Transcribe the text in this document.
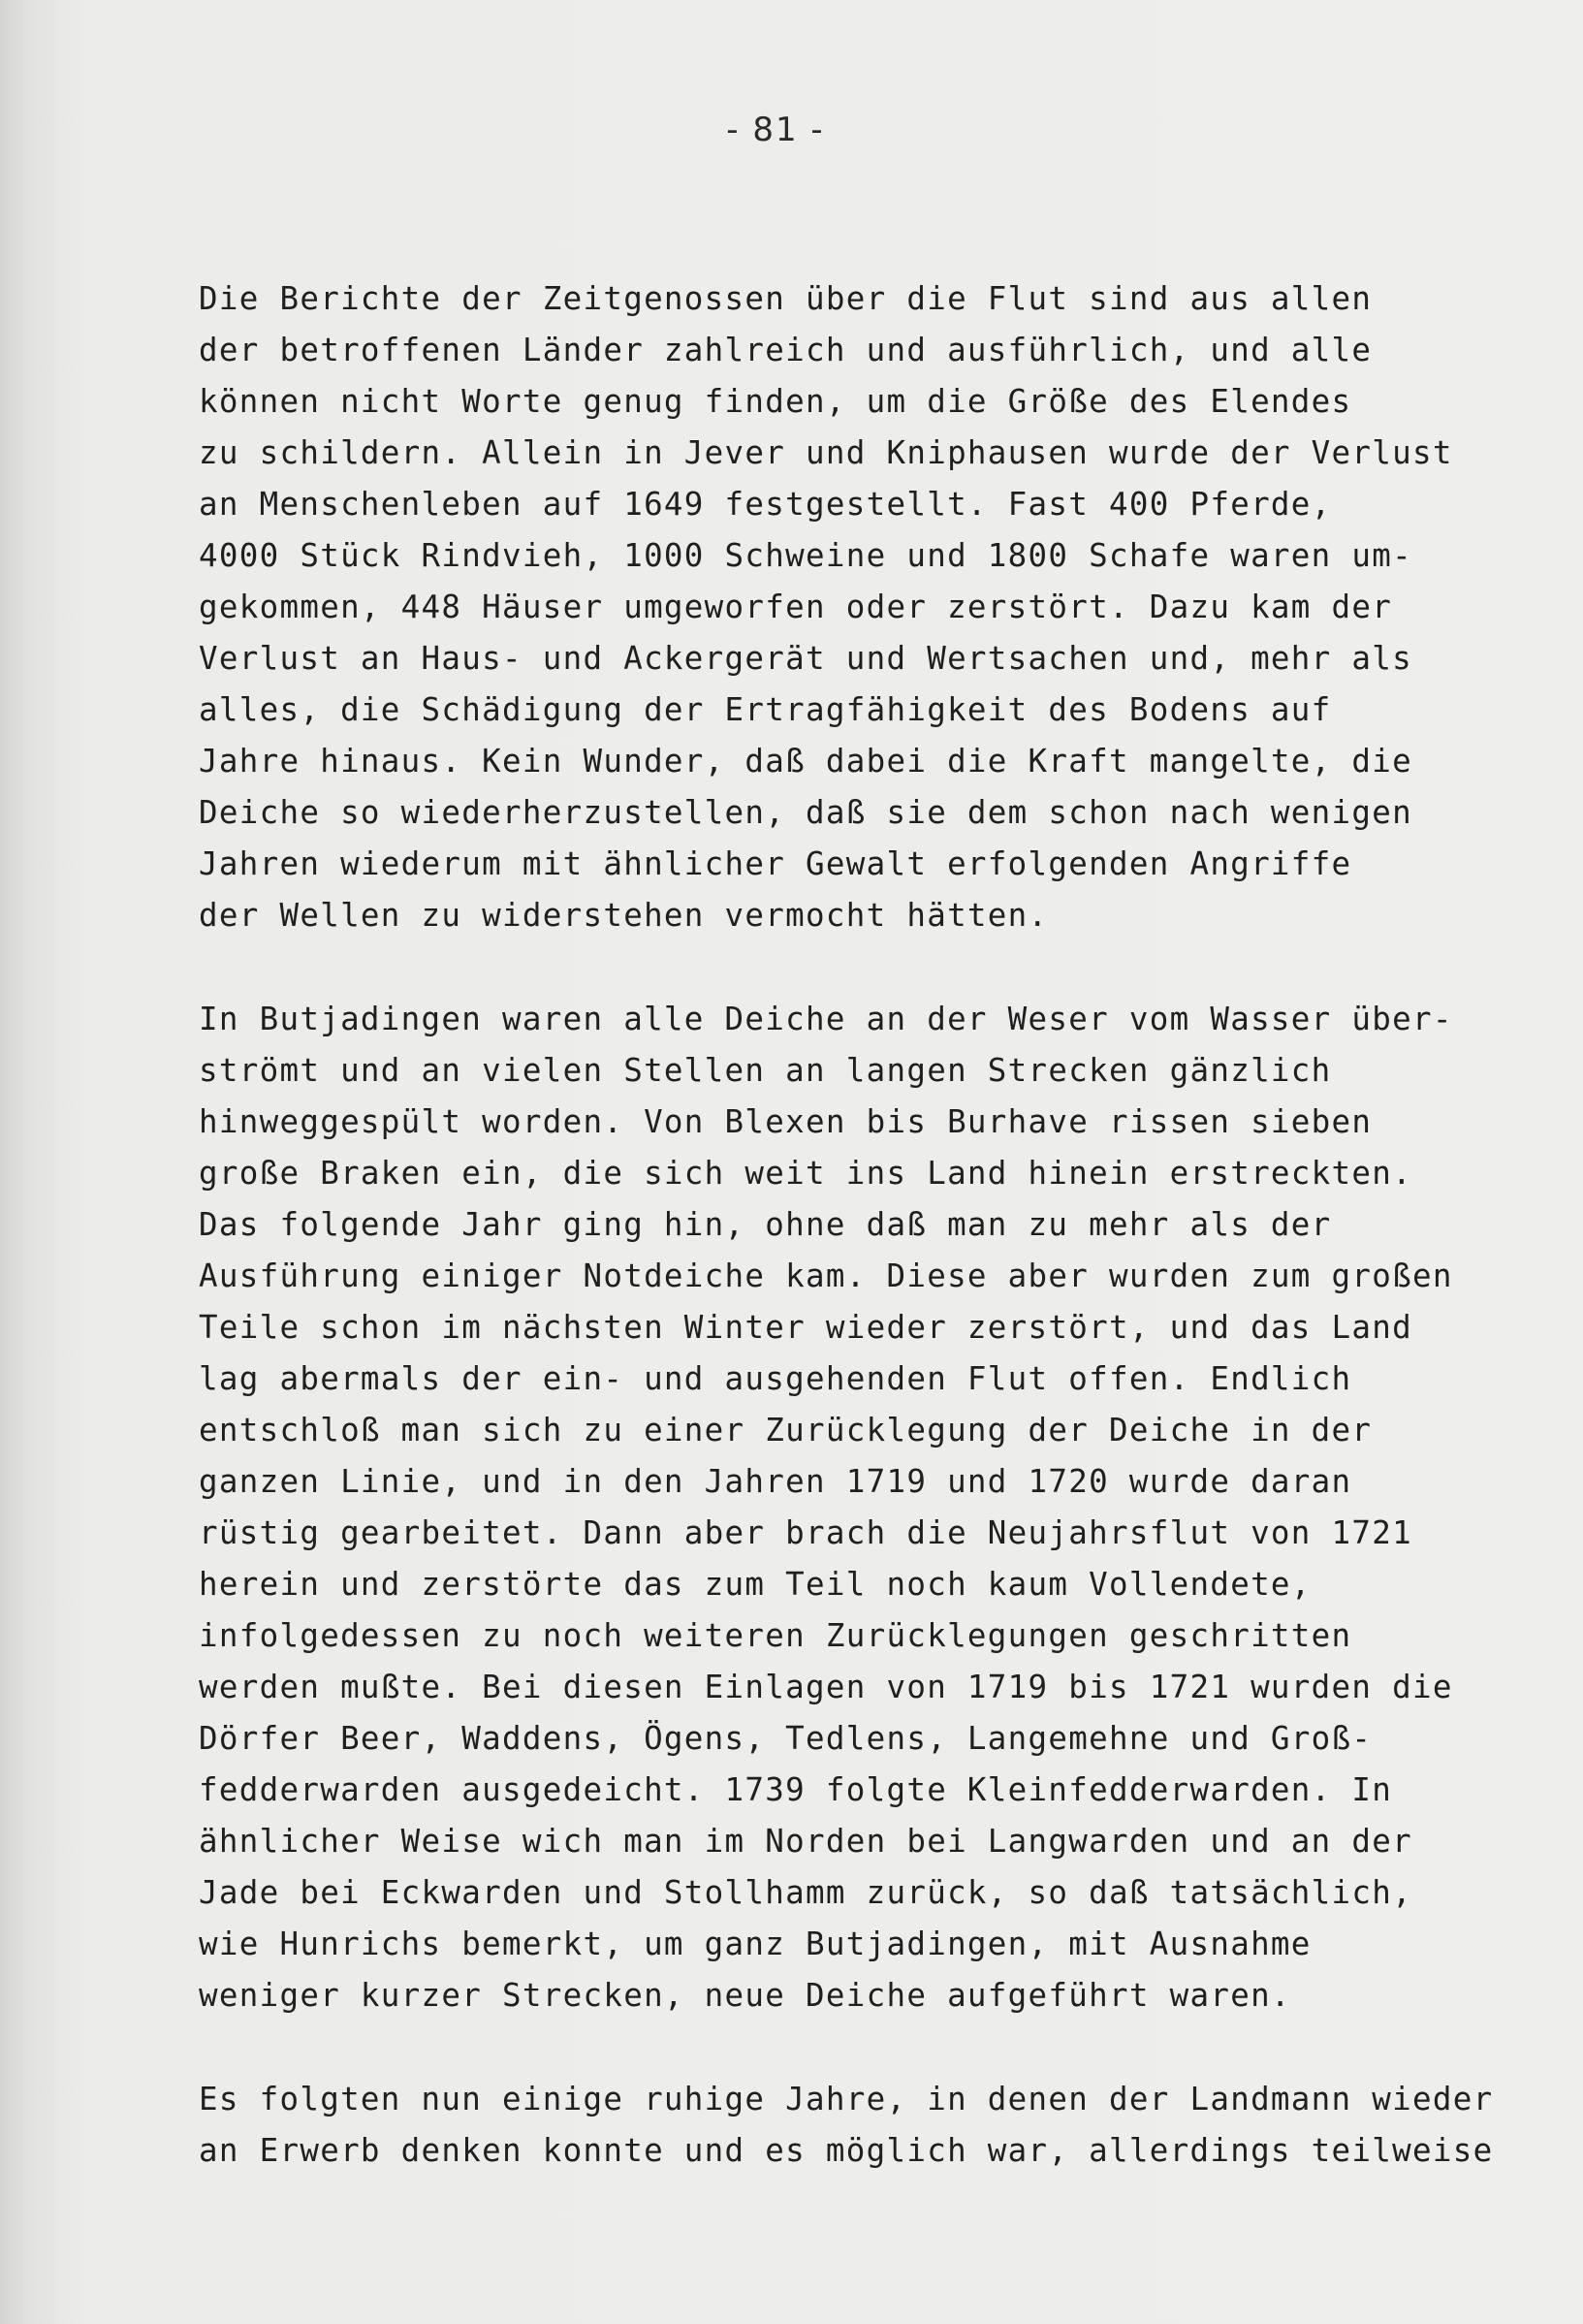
- 81 -
Die Berichte der Zeitgenossen über die Flut sind aus allen
der betroffenen Länder zahlreich und ausführlich, und alle
können nicht Worte genug finden, um die Größe des Elendes
zu schildern. Allein in Jever und Kniphausen wurde der Verlust
an Menschenleben auf 1649 festgestellt. Fast 400 Pferde,
4000 Stück Rindvieh, 1000 Schweine und 1800 Schafe waren um-
gekommen, 448 Häuser umgeworfen oder zerstört. Dazu kam der
Verlust an Haus- und Ackergerät und Wertsachen und, mehr als
alles, die Schädigung der Ertragfähigkeit des Bodens auf
Jahre hinaus. Kein Wunder, daß dabei die Kraft mangelte, die
Deiche so wiederherzustellen, daß sie dem schon nach wenigen
Jahren wiederum mit ähnlicher Gewalt erfolgenden Angriffe
der Wellen zu widerstehen vermocht hätten.
In Butjadingen waren alle Deiche an der Weser vom Wasser über-
strömt und an vielen Stellen an langen Strecken gänzlich
hinweggespült worden. Von Blexen bis Burhave rissen sieben
große Braken ein, die sich weit ins Land hinein erstreckten.
Das folgende Jahr ging hin, ohne daß man zu mehr als der
Ausführung einiger Notdeiche kam. Diese aber wurden zum großen
Teile schon im nächsten Winter wieder zerstört, und das Land
lag abermals der ein- und ausgehenden Flut offen. Endlich
entschloß man sich zu einer Zurücklegung der Deiche in der
ganzen Linie, und in den Jahren 1719 und 1720 wurde daran
rüstig gearbeitet. Dann aber brach die Neujahrsflut von 1721
herein und zerstörte das zum Teil noch kaum Vollendete,
infolgedessen zu noch weiteren Zurücklegungen geschritten
werden mußte. Bei diesen Einlagen von 1719 bis 1721 wurden die
Dörfer Beer, Waddens, Ögens, Tedlens, Langemehne und Groß-
fedderwarden ausgedeicht. 1739 folgte Kleinfedderwarden. In
ähnlicher Weise wich man im Norden bei Langwarden und an der
Jade bei Eckwarden und Stollhamm zurück, so daß tatsächlich,
wie Hunrichs bemerkt, um ganz Butjadingen, mit Ausnahme
weniger kurzer Strecken, neue Deiche aufgeführt waren.
Es folgten nun einige ruhige Jahre, in denen der Landmann wieder
an Erwerb denken konnte und es möglich war, allerdings teilweise
